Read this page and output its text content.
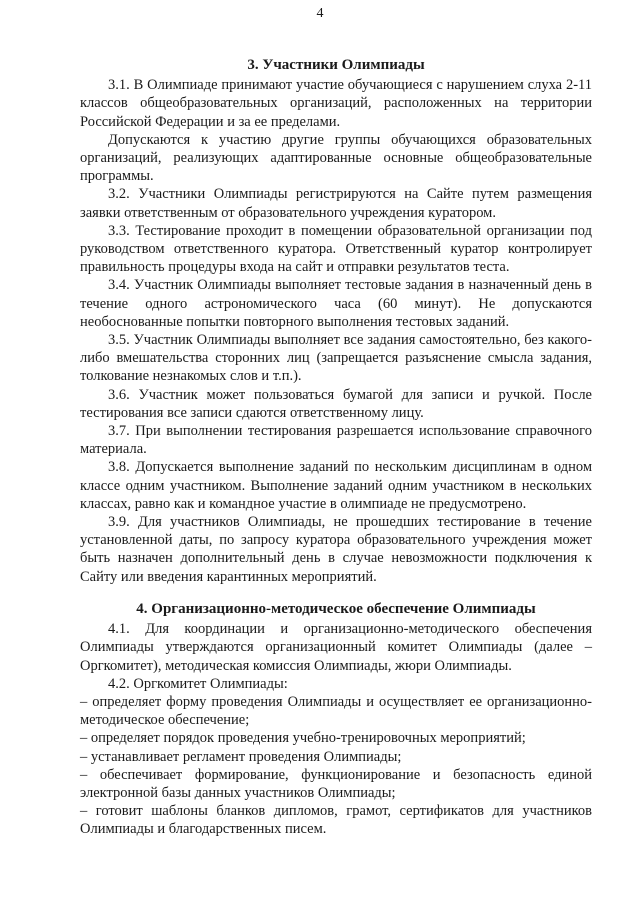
4
3. Участники Олимпиады

3.1. В Олимпиаде принимают участие обучающиеся с нарушением слуха 2-11 классов общеобразовательных организаций, расположенных на территории Российской Федерации и за ее пределами.

Допускаются к участию другие группы обучающихся образовательных организаций, реализующих адаптированные основные общеобразовательные программы.

3.2. Участники Олимпиады регистрируются на Сайте путем размещения заявки ответственным от образовательного учреждения куратором.

3.3. Тестирование проходит в помещении образовательной организации под руководством ответственного куратора. Ответственный куратор контролирует правильность процедуры входа на сайт и отправки результатов теста.

3.4. Участник Олимпиады выполняет тестовые задания в назначенный день в течение одного астрономического часа (60 минут). Не допускаются необоснованные попытки повторного выполнения тестовых заданий.

3.5. Участник Олимпиады выполняет все задания самостоятельно, без какого-либо вмешательства сторонних лиц (запрещается разъяснение смысла задания, толкование незнакомых слов и т.п.).

3.6. Участник может пользоваться бумагой для записи и ручкой. После тестирования все записи сдаются ответственному лицу.

3.7. При выполнении тестирования разрешается использование справочного материала.

3.8. Допускается выполнение заданий по нескольким дисциплинам в одном классе одним участником. Выполнение заданий одним участником в нескольких классах, равно как и командное участие в олимпиаде не предусмотрено.

3.9. Для участников Олимпиады, не прошедших тестирование в течение установленной даты, по запросу куратора образовательного учреждения может быть назначен дополнительный день в случае невозможности подключения к Сайту или введения карантинных мероприятий.

4. Организационно-методическое обеспечение Олимпиады

4.1. Для координации и организационно-методического обеспечения Олимпиады утверждаются организационный комитет Олимпиады (далее – Оргкомитет), методическая комиссия Олимпиады, жюри Олимпиады.

4.2. Оргкомитет Олимпиады:

– определяет форму проведения Олимпиады и осуществляет ее организационно-методическое обеспечение;

– определяет порядок проведения учебно-тренировочных мероприятий;

– устанавливает регламент проведения Олимпиады;

– обеспечивает формирование, функционирование и безопасность единой электронной базы данных участников Олимпиады;

– готовит шаблоны бланков дипломов, грамот, сертификатов для участников Олимпиады и благодарственных писем.
